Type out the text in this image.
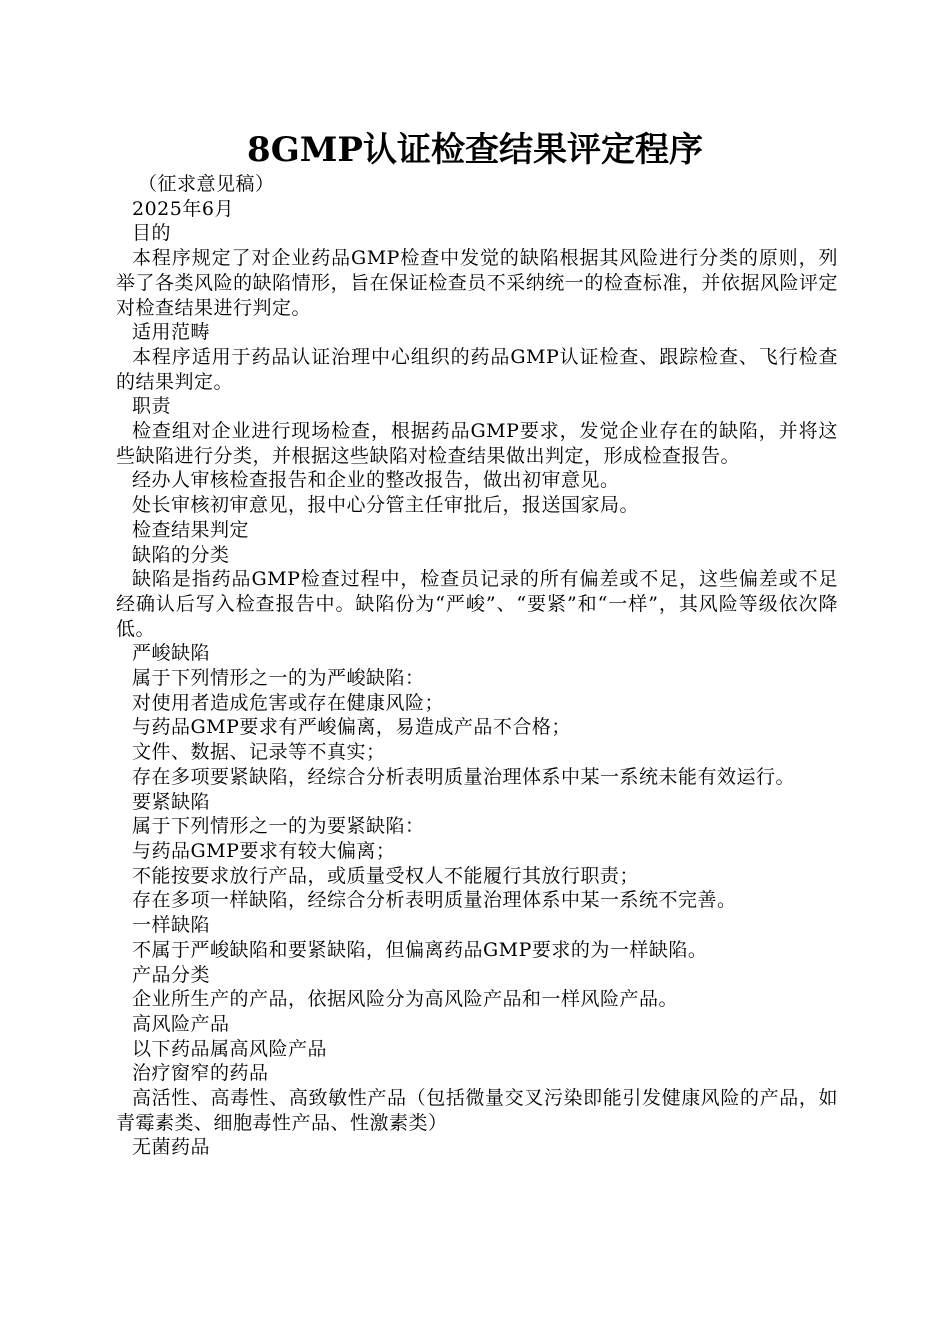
8GMP认证检查结果评定程序

（征求意见稿）

2025年6月

目的

本程序规定了对企业药品GMP检查中发觉的缺陷根据其风险进行分类的原则，列举了各类风险的缺陷情形，旨在保证检查员不采纳统一的检查标准，并依据风险评定对检查结果进行判定。

适用范畴

本程序适用于药品认证治理中心组织的药品GMP认证检查、跟踪检查、飞行检查的结果判定。

职责

检查组对企业进行现场检查，根据药品GMP要求，发觉企业存在的缺陷，并将这些缺陷进行分类，并根据这些缺陷对检查结果做出判定，形成检查报告。

经办人审核检查报告和企业的整改报告，做出初审意见。

处长审核初审意见，报中心分管主任审批后，报送国家局。

检查结果判定

缺陷的分类

缺陷是指药品GMP检查过程中，检查员记录的所有偏差或不足，这些偏差或不足经确认后写入检查报告中。缺陷份为“严峻”、“要紧”和“一样”，其风险等级依次降低。

严峻缺陷

属于下列情形之一的为严峻缺陷：

对使用者造成危害或存在健康风险；

与药品GMP要求有严峻偏离，易造成产品不合格；

文件、数据、记录等不真实；

存在多项要紧缺陷，经综合分析表明质量治理体系中某一系统未能有效运行。

要紧缺陷

属于下列情形之一的为要紧缺陷：

与药品GMP要求有较大偏离；

不能按要求放行产品，或质量受权人不能履行其放行职责；

存在多项一样缺陷，经综合分析表明质量治理体系中某一系统不完善。

一样缺陷

不属于严峻缺陷和要紧缺陷，但偏离药品GMP要求的为一样缺陷。

产品分类

企业所生产的产品，依据风险分为高风险产品和一样风险产品。

高风险产品

以下药品属高风险产品

治疗窗窄的药品

高活性、高毒性、高致敏性产品（包括微量交叉污染即能引发健康风险的产品，如青霉素类、细胞毒性产品、性激素类）

无菌药品
